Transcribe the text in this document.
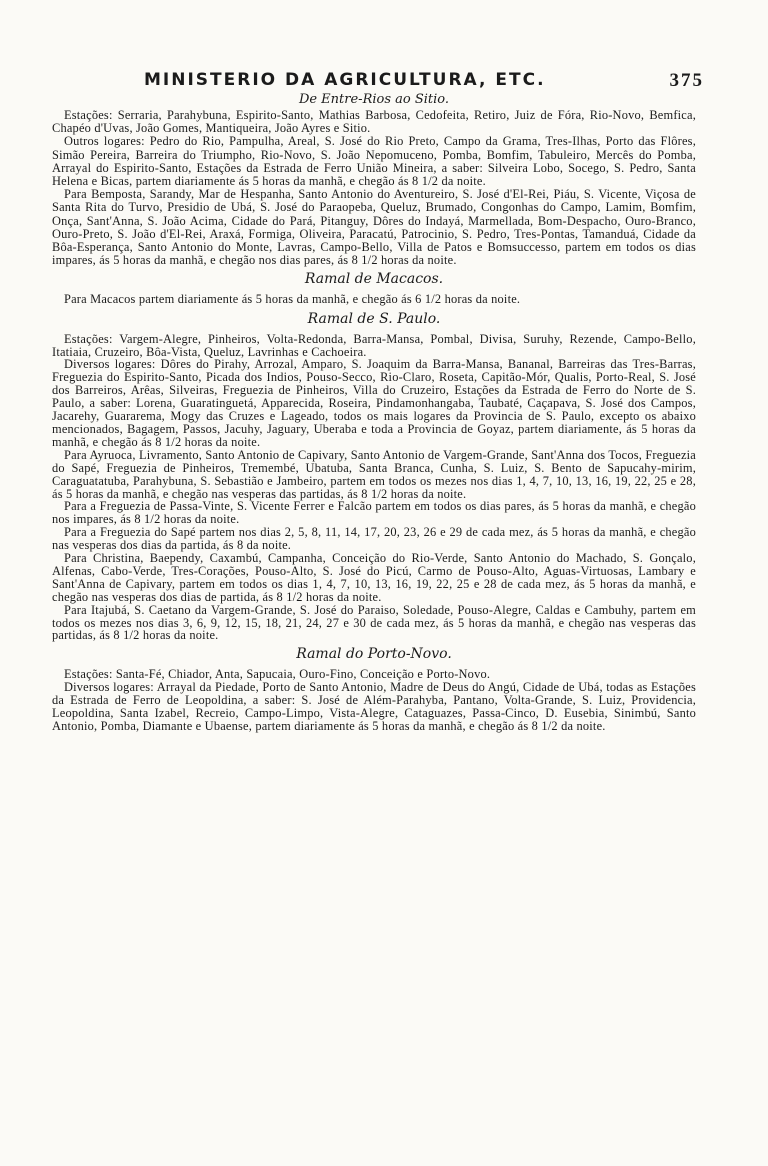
MINISTERIO DA AGRICULTURA, ETC.	375
De Entre-Rios ao Sitio.

Estações: Serraria, Parahybuna, Espirito-Santo, Mathias Barbosa, Cedofeita, Retiro, Juiz de Fóra, Rio-Novo, Bemfica, Chapéo d'Uvas, João Gomes, Mantiqueira, João Ayres e Sitio.

Outros logares: Pedro do Rio, Pampulha, Areal, S. José do Rio Preto, Campo da Grama, Tres-Ilhas, Porto das Flôres, Simão Pereira, Barreira do Triumpho, Rio-Novo, S. João Nepomuceno, Pomba, Bomfim, Tabuleiro, Mercês do Pomba, Arrayal do Espirito-Santo, Estações da Estrada de Ferro União Mineira, a saber: Silveira Lobo, Socego, S. Pedro, Santa Helena e Bicas, partem diariamente ás 5 horas da manhã, e chegão ás 8 1/2 da noite.

Para Bemposta, Sarandy, Mar de Hespanha, Santo Antonio do Aventureiro, S. José d'El-Rei, Piáu, S. Vicente, Viçosa de Santa Rita do Turvo, Presidio de Ubá, S. José do Paraopeba, Queluz, Brumado, Congonhas do Campo, Lamim, Bomfim, Onça, Sant'Anna, S. João Acima, Cidade do Pará, Pitanguy, Dôres do Indayá, Marmellada, Bom-Despacho, Ouro-Branco, Ouro-Preto, S. João d'El-Rei, Araxá, Formiga, Oliveira, Paracatú, Patrocinio, S. Pedro, Tres-Pontas, Tamanduá, Cidade da Bôa-Esperança, Santo Antonio do Monte, Lavras, Campo-Bello, Villa de Patos e Bomsuccesso, partem em todos os dias impares, ás 5 horas da manhã, e chegão nos dias pares, ás 8 1/2 horas da noite.

Ramal de Macacos.

Para Macacos partem diariamente ás 5 horas da manhã, e chegão ás 6 1/2 horas da noite.

Ramal de S. Paulo.

Estações: Vargem-Alegre, Pinheiros, Volta-Redonda, Barra-Mansa, Pombal, Divisa, Suruhy, Rezende, Campo-Bello, Itatiaia, Cruzeiro, Bôa-Vista, Queluz, Lavrinhas e Cachoeira.

Diversos logares: Dôres do Pirahy, Arrozal, Amparo, S. Joaquim da Barra-Mansa, Bananal, Barreiras das Tres-Barras, Freguezia do Espirito-Santo, Picada dos Indios, Pouso-Secco, Rio-Claro, Roseta, Capitão-Mór, Qualis, Porto-Real, S. José dos Barreiros, Arêas, Silveiras, Freguezia de Pinheiros, Villa do Cruzeiro, Estações da Estrada de Ferro do Norte de S. Paulo, a saber: Lorena, Guaratinguetá, Apparecida, Roseira, Pindamonhangaba, Taubaté, Caçapava, S. José dos Campos, Jacarehy, Guararema, Mogy das Cruzes e Lageado, todos os mais logares da Provincia de S. Paulo, excepto os abaixo mencionados, Bagagem, Passos, Jacuhy, Jaguary, Uberaba e toda a Provincia de Goyaz, partem diariamente, ás 5 horas da manhã, e chegão ás 8 1/2 horas da noite.

Para Ayruoca, Livramento, Santo Antonio de Capivary, Santo Antonio de Vargem-Grande, Sant'Anna dos Tocos, Freguezia do Sapé, Freguezia de Pinheiros, Tremembé, Ubatuba, Santa Branca, Cunha, S. Luiz, S. Bento de Sapucahy-mirim, Caraguatatuba, Parahybuna, S. Sebastião e Jambeiro, partem em todos os mezes nos dias 1, 4, 7, 10, 13, 16, 19, 22, 25 e 28, ás 5 horas da manhã, e chegão nas vesperas das partidas, ás 8 1/2 horas da noite.

Para a Freguezia de Passa-Vinte, S. Vicente Ferrer e Falcão partem em todos os dias pares, ás 5 horas da manhã, e chegão nos impares, ás 8 1/2 horas da noite.

Para a Freguezia do Sapé partem nos dias 2, 5, 8, 11, 14, 17, 20, 23, 26 e 29 de cada mez, ás 5 horas da manhã, e chegão nas vesperas dos dias da partida, ás 8 da noite.

Para Christina, Baependy, Caxambú, Campanha, Conceição do Rio-Verde, Santo Antonio do Machado, S. Gonçalo, Alfenas, Cabo-Verde, Tres-Corações, Pouso-Alto, S. José do Picú, Carmo de Pouso-Alto, Aguas-Virtuosas, Lambary e Sant'Anna de Capivary, partem em todos os dias 1, 4, 7, 10, 13, 16, 19, 22, 25 e 28 de cada mez, ás 5 horas da manhã, e chegão nas vesperas dos dias de partida, ás 8 1/2 horas da noite.

Para Itajubá, S. Caetano da Vargem-Grande, S. José do Paraiso, Soledade, Pouso-Alegre, Caldas e Cambuhy, partem em todos os mezes nos dias 3, 6, 9, 12, 15, 18, 21, 24, 27 e 30 de cada mez, ás 5 horas da manhã, e chegão nas vesperas das partidas, ás 8 1/2 horas da noite.

Ramal do Porto-Novo.

Estações: Santa-Fé, Chiador, Anta, Sapucaia, Ouro-Fino, Conceição e Porto-Novo.

Diversos logares: Arrayal da Piedade, Porto de Santo Antonio, Madre de Deus do Angú, Cidade de Ubá, todas as Estações da Estrada de Ferro de Leopoldina, a saber: S. José de Além-Parahyba, Pantano, Volta-Grande, S. Luiz, Providencia, Leopoldina, Santa Izabel, Recreio, Campo-Limpo, Vista-Alegre, Cataguazes, Passa-Cinco, D. Eusebia, Sinimbú, Santo Antonio, Pomba, Diamante e Ubaense, partem diariamente ás 5 horas da manhã, e chegão ás 8 1/2 da noite.
